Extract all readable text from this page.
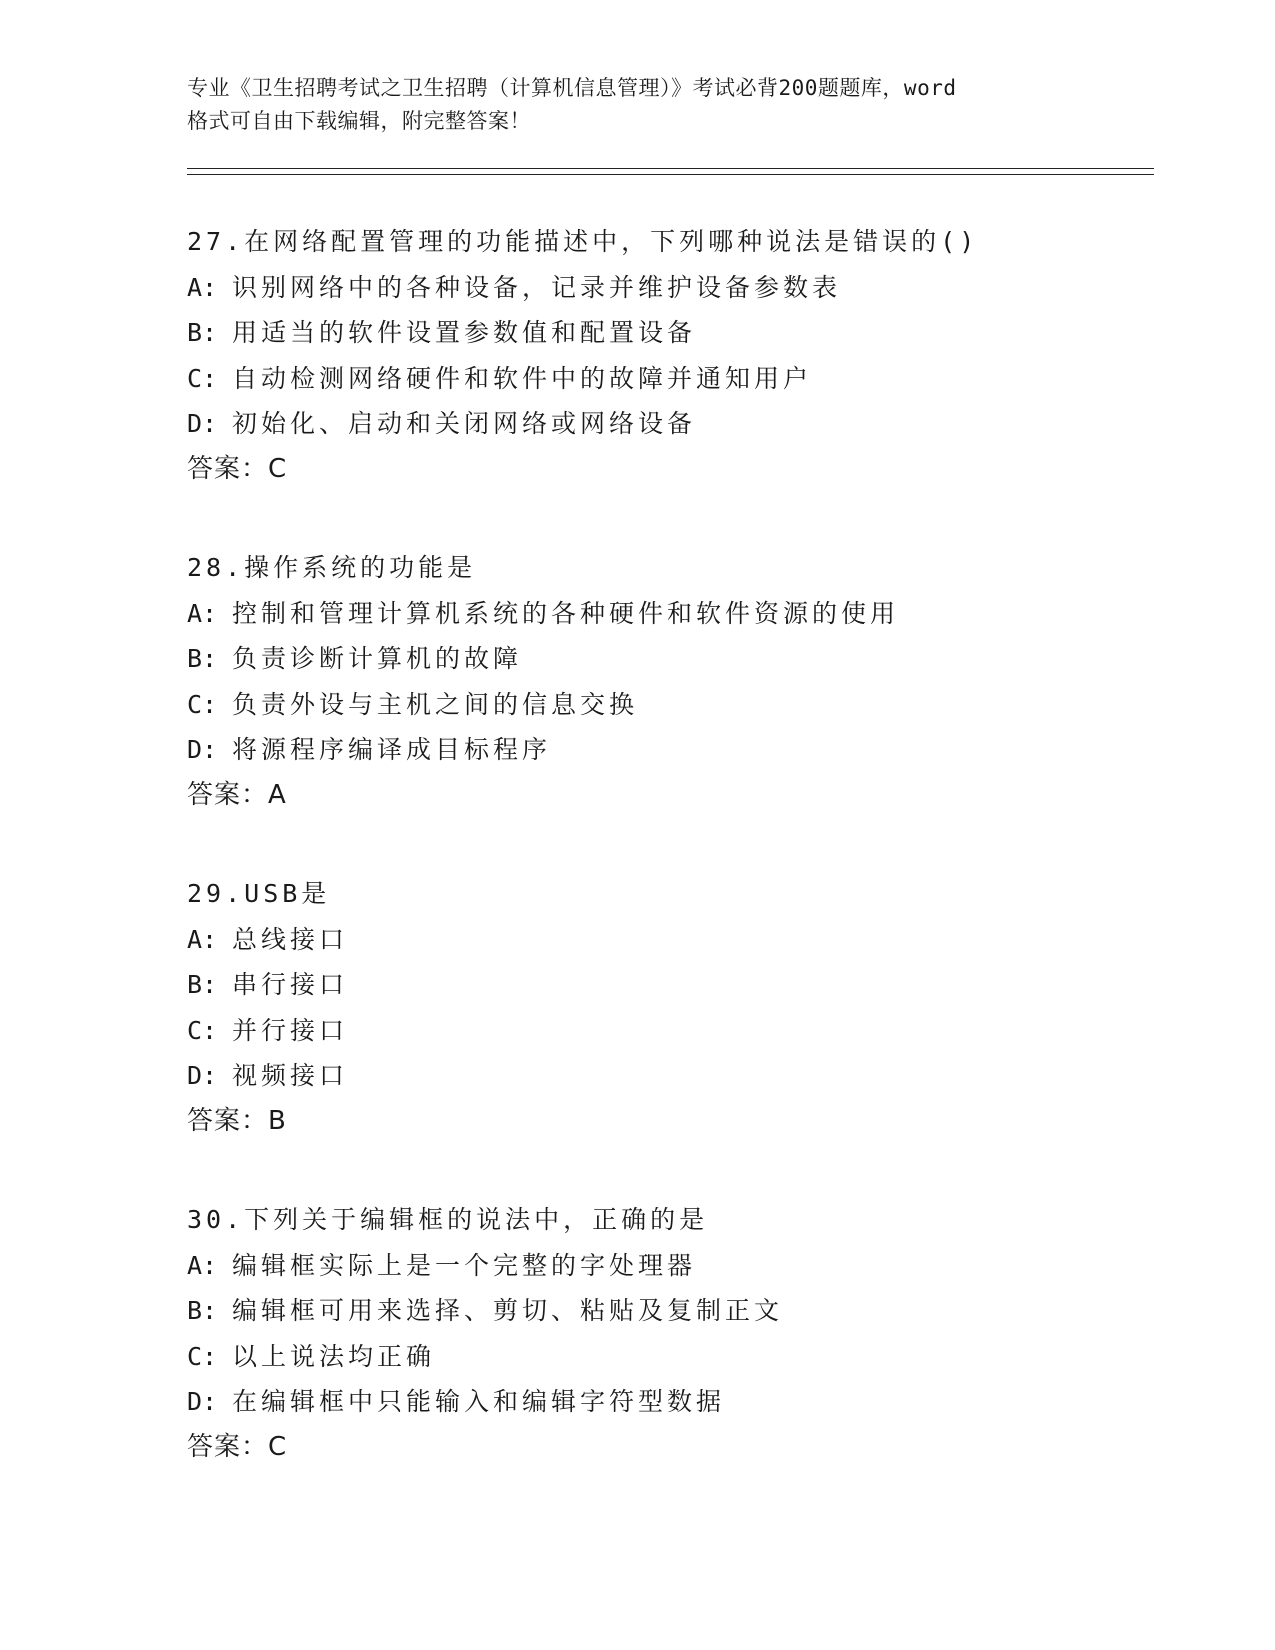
专业《卫生招聘考试之卫生招聘（计算机信息管理）》考试必背200题题库，word
格式可自由下载编辑，附完整答案！
27.在网络配置管理的功能描述中，下列哪种说法是错误的()
A: 识别网络中的各种设备，记录并维护设备参数表
B: 用适当的软件设置参数值和配置设备
C: 自动检测网络硬件和软件中的故障并通知用户
D: 初始化、启动和关闭网络或网络设备
答案：C
28.操作系统的功能是
A: 控制和管理计算机系统的各种硬件和软件资源的使用
B: 负责诊断计算机的故障
C: 负责外设与主机之间的信息交换
D: 将源程序编译成目标程序
答案：A
29.USB是
A: 总线接口
B: 串行接口
C: 并行接口
D: 视频接口
答案：B
30.下列关于编辑框的说法中，正确的是
A: 编辑框实际上是一个完整的字处理器
B: 编辑框可用来选择、剪切、粘贴及复制正文
C: 以上说法均正确
D: 在编辑框中只能输入和编辑字符型数据
答案：C
